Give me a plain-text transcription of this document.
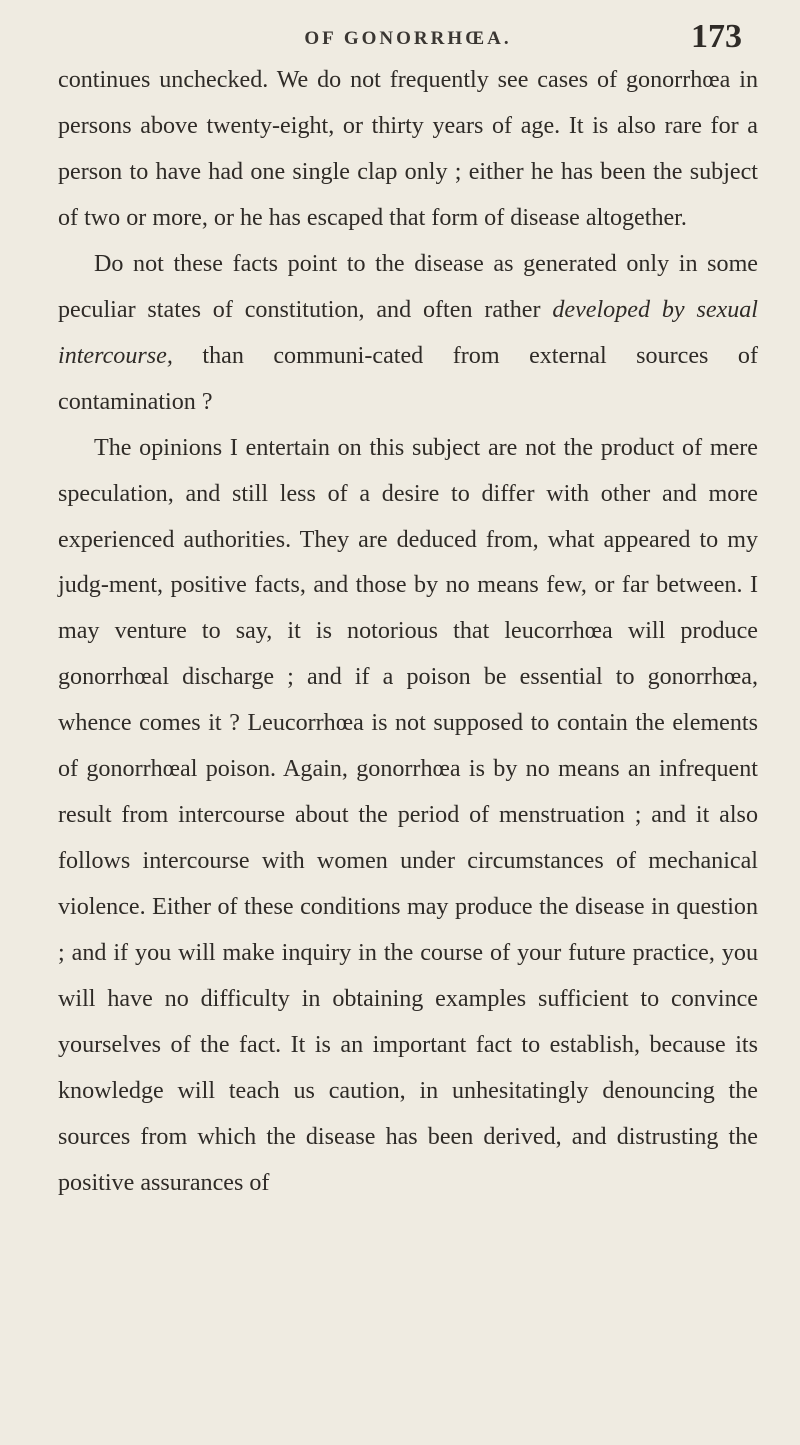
OF GONORRHŒA.	173

continues unchecked. We do not frequently see cases of gonorrhœa in persons above twenty-eight, or thirty years of age. It is also rare for a person to have had one single clap only ; either he has been the subject of two or more, or he has escaped that form of disease altogether.

Do not these facts point to the disease as generated only in some peculiar states of constitution, and often rather developed by sexual intercourse, than communi-cated from external sources of contamination ?

The opinions I entertain on this subject are not the product of mere speculation, and still less of a desire to differ with other and more experienced authorities. They are deduced from, what appeared to my judg-ment, positive facts, and those by no means few, or far between. I may venture to say, it is notorious that leucorrhœa will produce gonorrhœal discharge ; and if a poison be essential to gonorrhœa, whence comes it ? Leucorrhœa is not supposed to contain the elements of gonorrhœal poison. Again, gonorrhœa is by no means an infrequent result from intercourse about the period of menstruation ; and it also follows intercourse with women under circumstances of mechanical violence. Either of these conditions may produce the disease in question ; and if you will make inquiry in the course of your future practice, you will have no difficulty in obtaining examples sufficient to convince yourselves of the fact. It is an important fact to establish, because its knowledge will teach us caution, in unhesitatingly denouncing the sources from which the disease has been derived, and distrusting the positive assurances of
